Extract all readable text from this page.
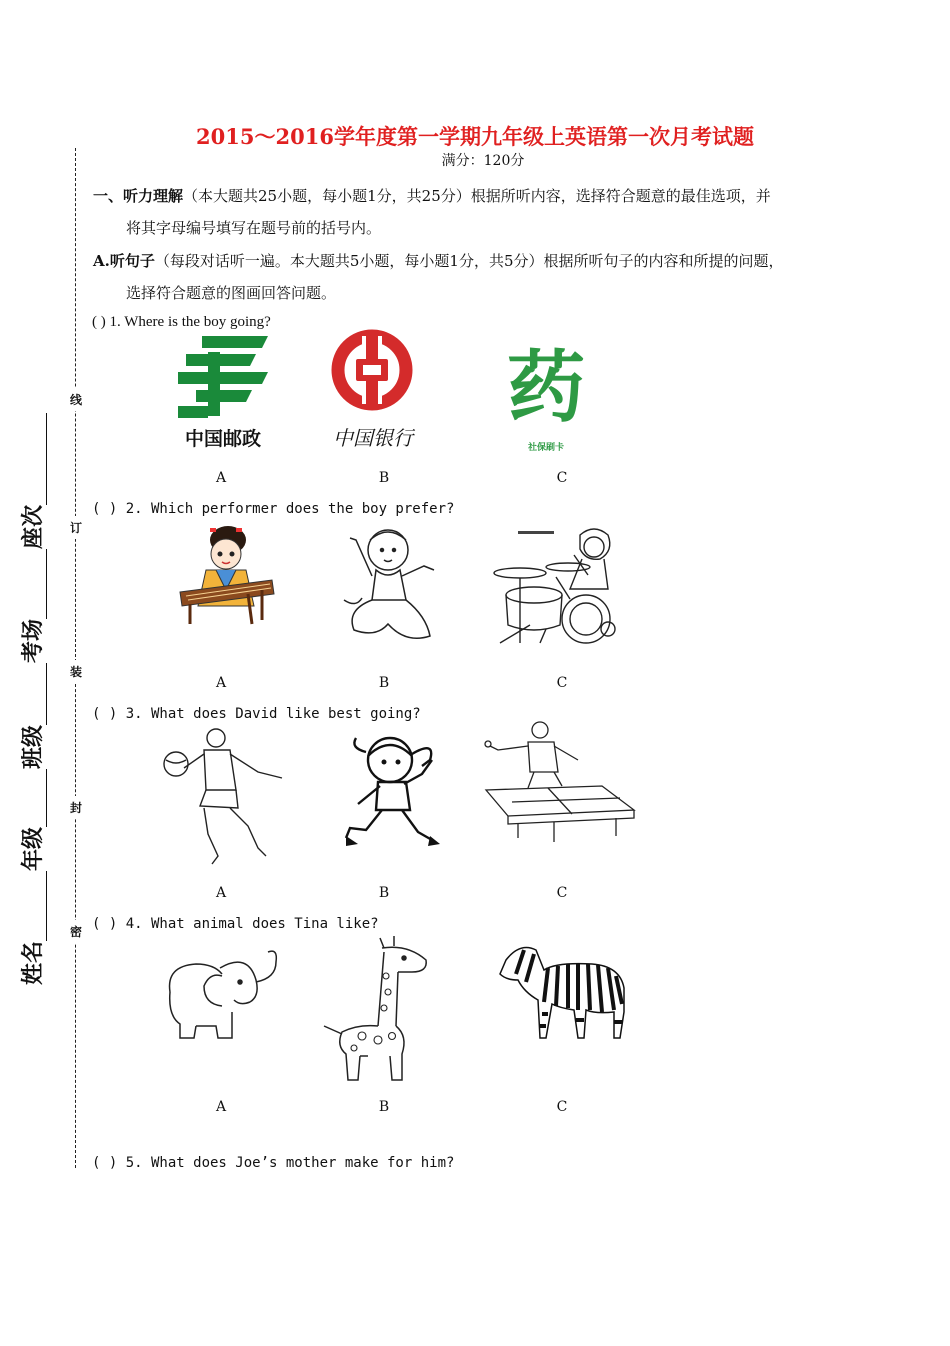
2015～2016学年度第一学期九年级上英语第一次月考试题
满分：120分
一、听力理解（本大题共25小题，每小题1分，共25分）根据所听内容，选择符合题意的最佳选项，并
将其字母编号填写在题号前的括号内。
A.听句子（每段对话听一遍。本大题共5小题，每小题1分，共5分）根据所听句子的内容和所提的问题，
选择符合题意的图画回答问题。
线
订
装
封
密
姓名
年级
班级
考场
座次
( ) 1. Where is the boy going?
中国邮政	中国银行
药
社保刷卡
A	B	C
( ) 2. Which performer does the boy prefer?
A	B	C
( ) 3. What does David like best going?
A	B	C
( ) 4. What animal does Tina like?
A	B	C
( ) 5. What does Joe’s mother make for him?
